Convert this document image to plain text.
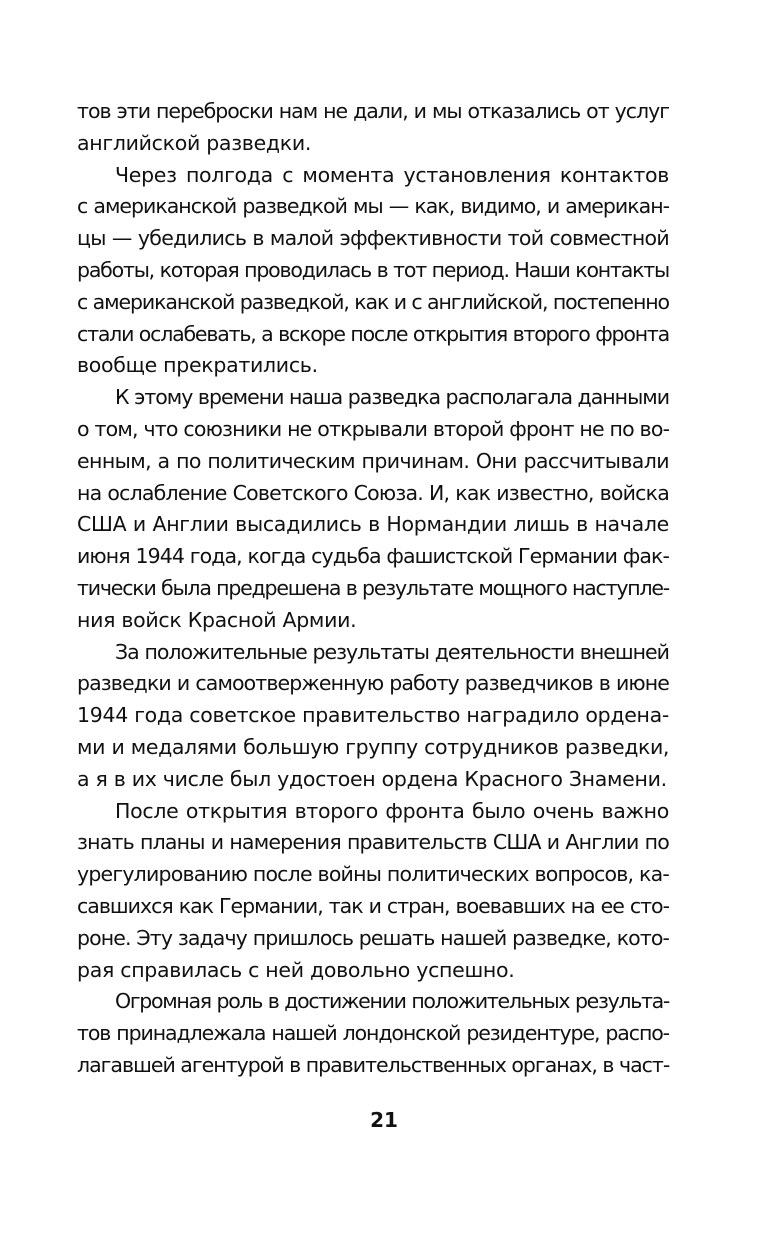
тов эти переброски нам не дали, и мы отказались от услуг
английской разведки.
Через полгода с момента установления контактов
с американской разведкой мы — как, видимо, и американ-
цы — убедились в малой эффективности той совместной
работы, которая проводилась в тот период. Наши контакты
с американской разведкой, как и с английской, постепенно
стали ослабевать, а вскоре после открытия второго фронта
вообще прекратились.
К этому времени наша разведка располагала данными
о том, что союзники не открывали второй фронт не по во-
енным, а по политическим причинам. Они рассчитывали
на ослабление Советского Союза. И, как известно, войска
США и Англии высадились в Нормандии лишь в начале
июня 1944 года, когда судьба фашистской Германии фак-
тически была предрешена в результате мощного наступле-
ния войск Красной Армии.
За положительные результаты деятельности внешней
разведки и самоотверженную работу разведчиков в июне
1944 года советское правительство наградило ордена-
ми и медалями большую группу сотрудников разведки,
а я в их числе был удостоен ордена Красного Знамени.
После открытия второго фронта было очень важно
знать планы и намерения правительств США и Англии по
урегулированию после войны политических вопросов, ка-
савшихся как Германии, так и стран, воевавших на ее сто-
роне. Эту задачу пришлось решать нашей разведке, кото-
рая справилась с ней довольно успешно.
Огромная роль в достижении положительных результа-
тов принадлежала нашей лондонской резидентуре, распо-
лагавшей агентурой в правительственных органах, в част-
21
